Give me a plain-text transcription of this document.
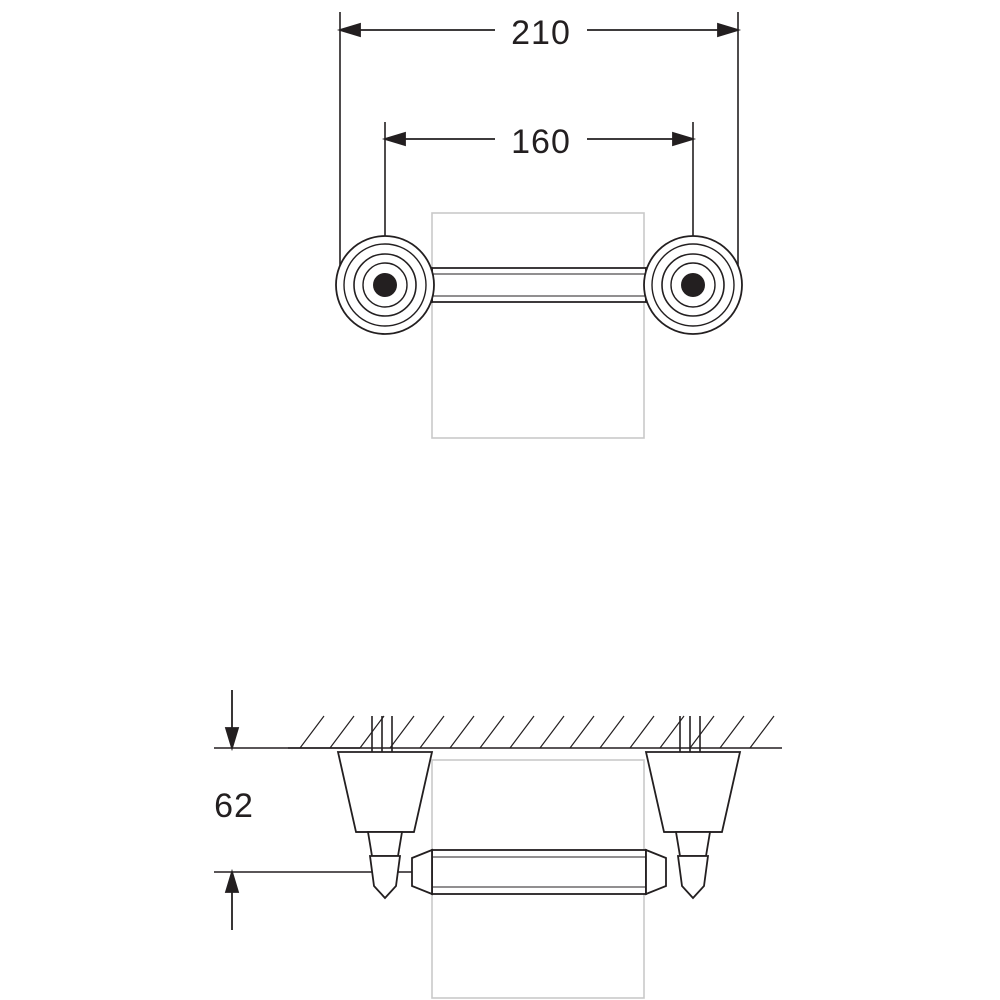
210
160
62
